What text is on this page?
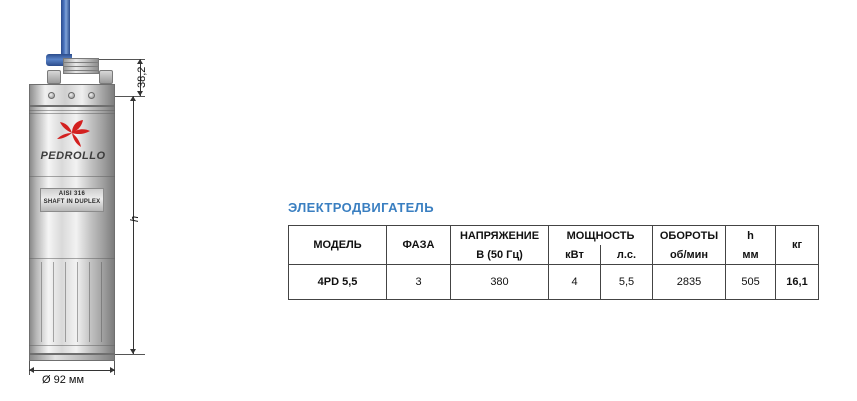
PEDROLLO
AISI 316
SHAFT IN DUPLEX
38,2
h
Ø 92 мм
ЭЛЕКТРОДВИГАТЕЛЬ
МОДЕЛЬ	ФАЗА	НАПРЯЖЕНИЕ	МОЩНОСТЬ		ОБОРОТЫ	h	кг
		В (50 Гц)	кВт	л.с.	об/мин	мм	
4PD 5,5	3	380	4	5,5	2835	505	16,1
